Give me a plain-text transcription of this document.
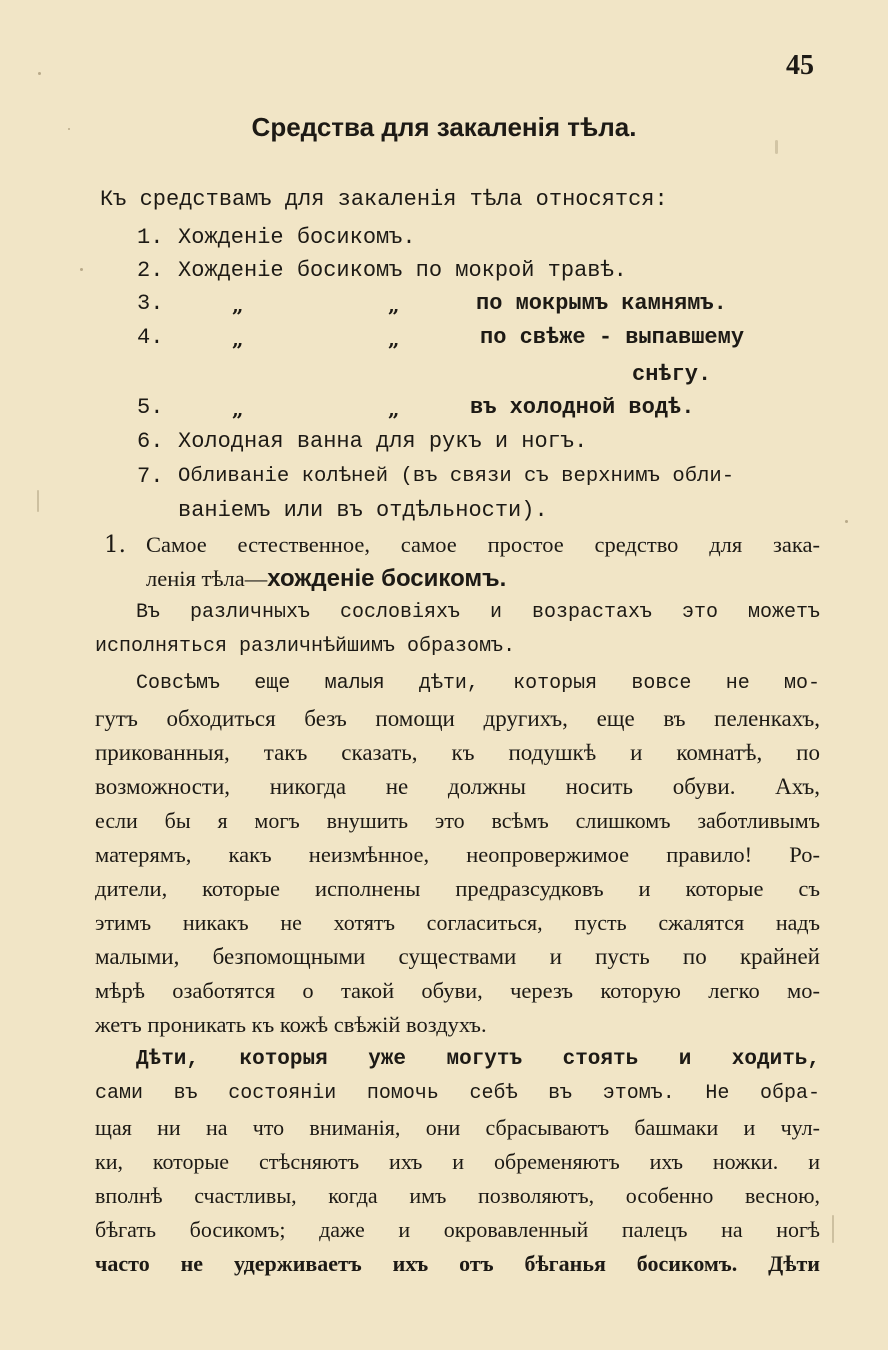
45
Средства для закаленія тѣла.
Къ средствамъ для закаленія тѣла относятся:
1. Хожденіе босикомъ.
2. Хожденіе босикомъ по мокрой травѣ.
3.	„	„	по мокрымъ камнямъ.
4.	„	„	по свѣже - выпавшему
снѣгу.
5.	„	„	въ холодной водѣ.
6. Холодная ванна для рукъ и ногъ.
7. Обливаніе колѣней (въ связи съ верхнимъ обли-
ваніемъ или въ отдѣльности).
1. Самое естественное, самое простое средство для зака-
ленія тѣла—хожденіе босикомъ.
Въ различныхъ сословіяхъ и возрастахъ это можетъ
исполняться различнѣйшимъ образомъ.
Совсѣмъ еще малыя дѣти, которыя вовсе не мо-
гутъ обходиться безъ помощи другихъ, еще въ пеленкахъ,
прикованныя, такъ сказать, къ подушкѣ и комнатѣ, по
возможности, никогда не должны носить обуви. Ахъ,
если бы я могъ внушить это всѣмъ слишкомъ заботливымъ
матерямъ, какъ неизмѣнное, неопровержимое правило! Ро-
дители, которые исполнены предразсудковъ и которые съ
этимъ никакъ не хотятъ согласиться, пусть сжалятся надъ
малыми, безпомощными существами и пусть по крайней
мѣрѣ озаботятся о такой обуви, черезъ которую легко мо-
жетъ проникать къ кожѣ свѣжій воздухъ.
Дѣти, которыя уже могутъ стоять и ходить,
сами въ состояніи помочь себѣ въ этомъ. Не обра-
щая ни на что вниманія, они сбрасываютъ башмаки и чул-
ки, которые стѣсняютъ ихъ и обременяютъ ихъ ножки. и
вполнѣ счастливы, когда имъ позволяютъ, особенно весною,
бѣгать босикомъ; даже и окровавленный палецъ на ногѣ
часто не удерживаетъ ихъ отъ бѣганья босикомъ. Дѣти
